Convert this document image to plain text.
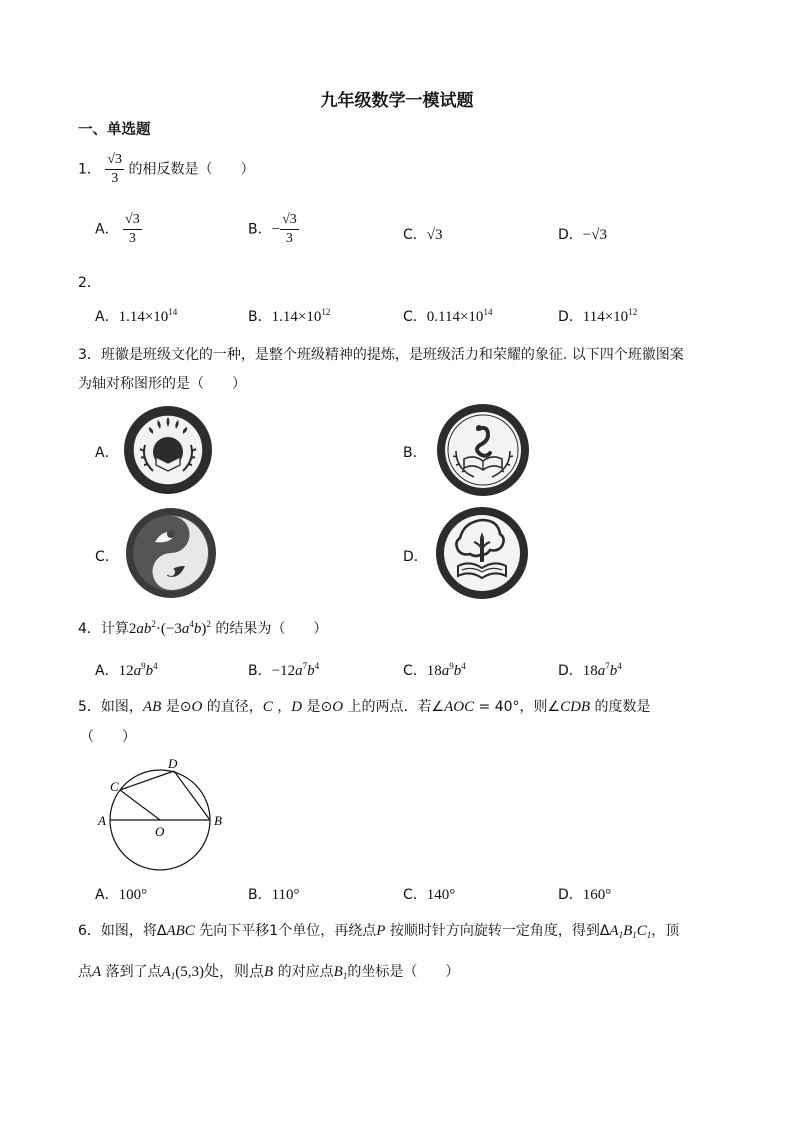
九年级数学一模试题
一、单选题
1． $\frac{√3}{3}$ 的相反数是（　　）
A． $\frac{√3}{3}$	B．− $\frac{√3}{3}$	C．√3	D．−√3
2．
A．$1.14\times 10^{14}$	B．$1.14\times 10^{12}$	C．$0.114\times 10^{14}$	D．$114\times 10^{12}$
3．班徽是班级文化的一种，是整个班级精神的提炼，是班级活力和荣耀的象征. 以下四个班徽图案
为轴对称图形的是（　　）
A．	B．
C．	D．
4．计算$2ab^2\cdot(-3a^4b)^2$ 的结果为（　　）
A．$12a^9b^4$	B．$-12a^7b^4$	C．$18a^9b^4$	D．$18a^7b^4$
5．如图，AB 是⊙O 的直径，C ，D 是⊙O 上的两点．若∠AOC = 40°，则∠CDB 的度数是
（　　）
C
D
A	B
O
A．100°	B．110°	C．140°	D．160°
6．如图，将ΔABC 先向下平移1个单位，再绕点P 按顺时针方向旋转一定角度，得到$\Delta A_1B_1C_1$，顶
点A 落到了点$A_1(5,3)$处，则点B 的对应点$B_1$的坐标是（　　）
